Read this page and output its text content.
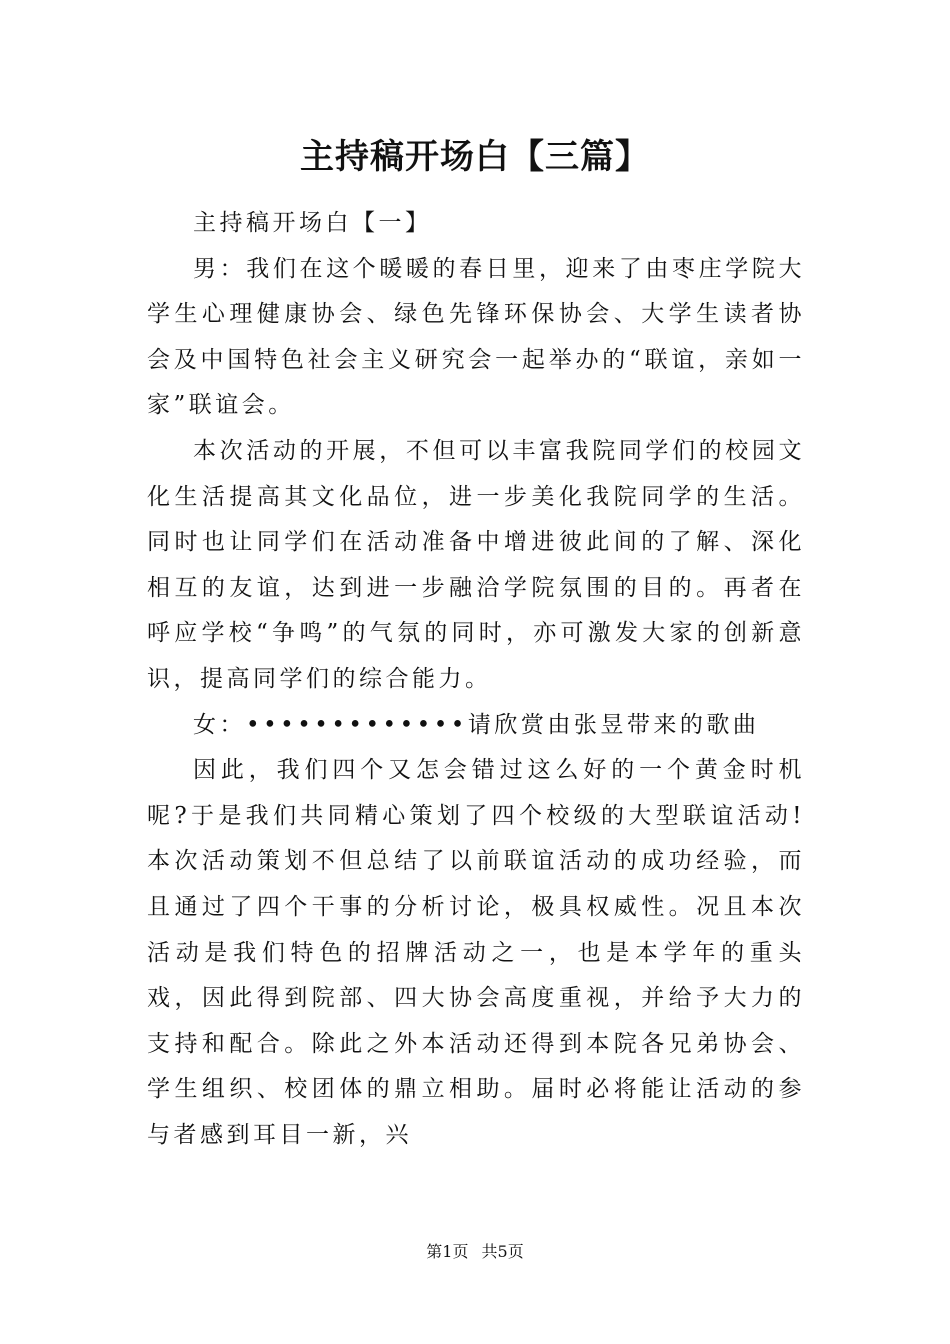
主持稿开场白【三篇】

主持稿开场白【一】

男：我们在这个暖暖的春日里，迎来了由枣庄学院大学生心理健康协会、绿色先锋环保协会、大学生读者协会及中国特色社会主义研究会一起举办的“联谊，亲如一家”联谊会。

本次活动的开展，不但可以丰富我院同学们的校园文化生活提高其文化品位，进一步美化我院同学的生活。同时也让同学们在活动准备中增进彼此间的了解、深化相互的友谊，达到进一步融洽学院氛围的目的。再者在呼应学校“争鸣”的气氛的同时，亦可激发大家的创新意识，提高同学们的综合能力。

女：•••••••••••••请欣赏由张昱带来的歌曲

因此，我们四个又怎会错过这么好的一个黄金时机呢?于是我们共同精心策划了四个校级的大型联谊活动!本次活动策划不但总结了以前联谊活动的成功经验，而且通过了四个干事的分析讨论，极具权威性。况且本次活动是我们特色的招牌活动之一，也是本学年的重头戏，因此得到院部、四大协会高度重视，并给予大力的支持和配合。除此之外本活动还得到本院各兄弟协会、学生组织、校团体的鼎立相助。届时必将能让活动的参与者感到耳目一新，兴

第1页 共5页
